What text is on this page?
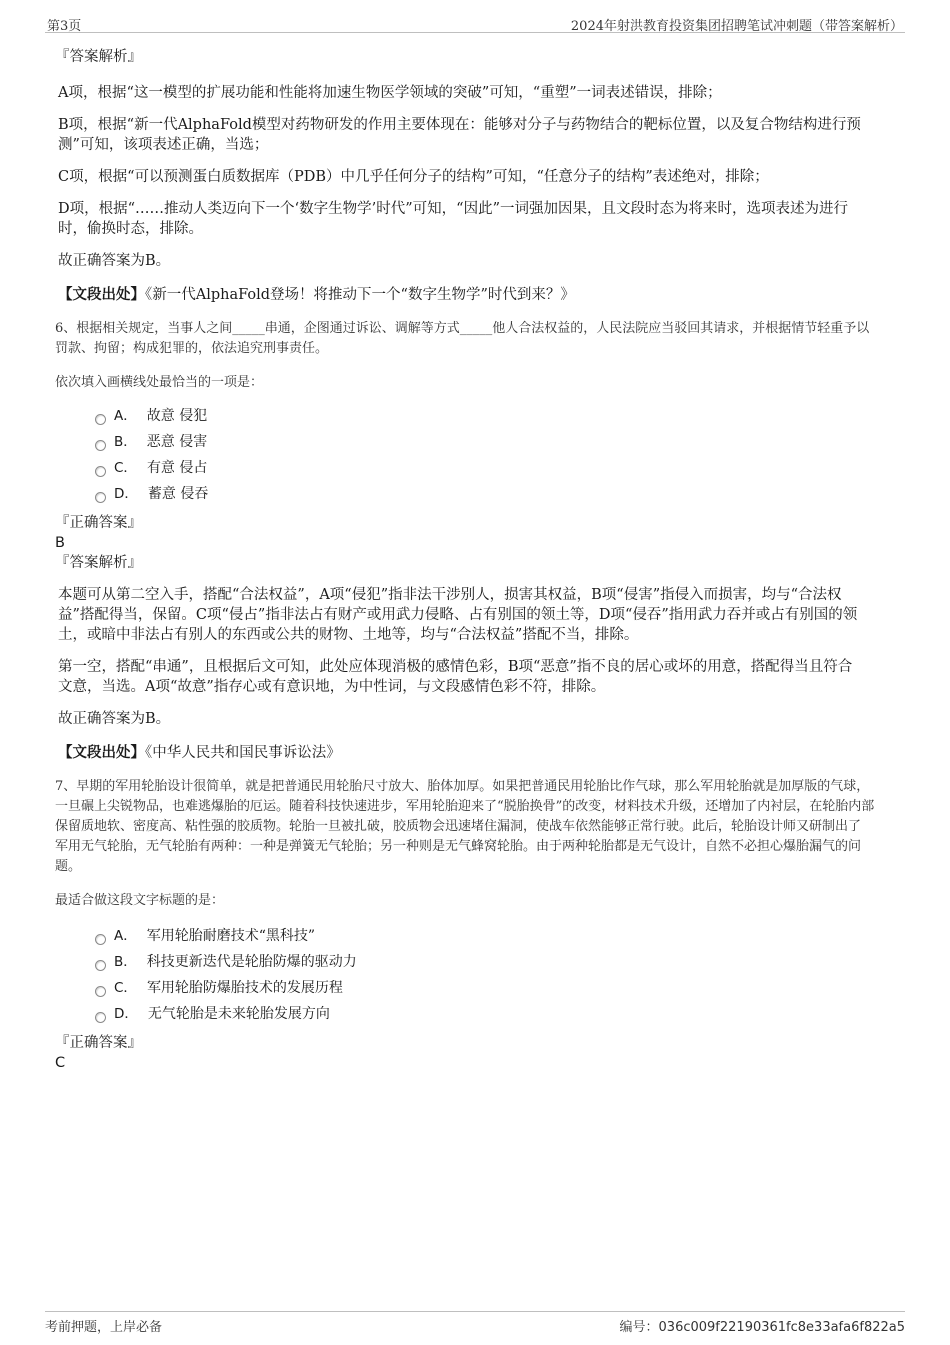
第3页	2024年射洪教育投资集团招聘笔试冲刺题（带答案解析）

『答案解析』

A项，根据“这一模型的扩展功能和性能将加速生物医学领域的突破”可知，“重塑”一词表述错误，排除；

B项，根据“新一代AlphaFold模型对药物研发的作用主要体现在：能够对分子与药物结合的靶标位置，以及复合物结构进行预

测”可知，该项表述正确，当选；

C项，根据“可以预测蛋白质数据库（PDB）中几乎任何分子的结构”可知，“任意分子的结构”表述绝对，排除；

D项，根据“……推动人类迈向下一个‘数字生物学’时代”可知，“因此”一词强加因果，且文段时态为将来时，选项表述为进行

时，偷换时态，排除。

故正确答案为B。

【文段出处】《新一代AlphaFold登场！将推动下一个“数字生物学”时代到来？》

6、根据相关规定，当事人之间_____串通，企图通过诉讼、调解等方式_____他人合法权益的，人民法院应当驳回其请求，并根据情节轻重予以

罚款、拘留；构成犯罪的，依法追究刑事责任。

依次填入画横线处最恰当的一项是：

A． 故意 侵犯
B． 恶意 侵害
C． 有意 侵占
D． 蓄意 侵吞

『正确答案』

B

『答案解析』

本题可从第二空入手，搭配“合法权益”，A项“侵犯”指非法干涉别人，损害其权益，B项“侵害”指侵入而损害，均与“合法权

益”搭配得当，保留。C项“侵占”指非法占有财产或用武力侵略、占有别国的领土等，D项“侵吞”指用武力吞并或占有别国的领

土，或暗中非法占有别人的东西或公共的财物、土地等，均与“合法权益”搭配不当，排除。

第一空，搭配“串通”，且根据后文可知，此处应体现消极的感情色彩，B项“恶意”指不良的居心或坏的用意，搭配得当且符合

文意，当选。A项“故意”指存心或有意识地，为中性词，与文段感情色彩不符，排除。

故正确答案为B。

【文段出处】《中华人民共和国民事诉讼法》

7、早期的军用轮胎设计很简单，就是把普通民用轮胎尺寸放大、胎体加厚。如果把普通民用轮胎比作气球，那么军用轮胎就是加厚版的气球，

一旦碾上尖锐物品，也难逃爆胎的厄运。随着科技快速进步，军用轮胎迎来了“脱胎换骨”的改变，材料技术升级，还增加了内衬层，在轮胎内部

保留质地软、密度高、粘性强的胶质物。轮胎一旦被扎破，胶质物会迅速堵住漏洞，使战车依然能够正常行驶。此后，轮胎设计师又研制出了

军用无气轮胎，无气轮胎有两种：一种是弹簧无气轮胎；另一种则是无气蜂窝轮胎。由于两种轮胎都是无气设计，自然不必担心爆胎漏气的问

题。

最适合做这段文字标题的是：

A． 军用轮胎耐磨技术“黑科技”
B． 科技更新迭代是轮胎防爆的驱动力
C． 军用轮胎防爆胎技术的发展历程
D． 无气轮胎是未来轮胎发展方向

『正确答案』

C

考前押题，上岸必备	编号：036c009f22190361fc8e33afa6f822a5
